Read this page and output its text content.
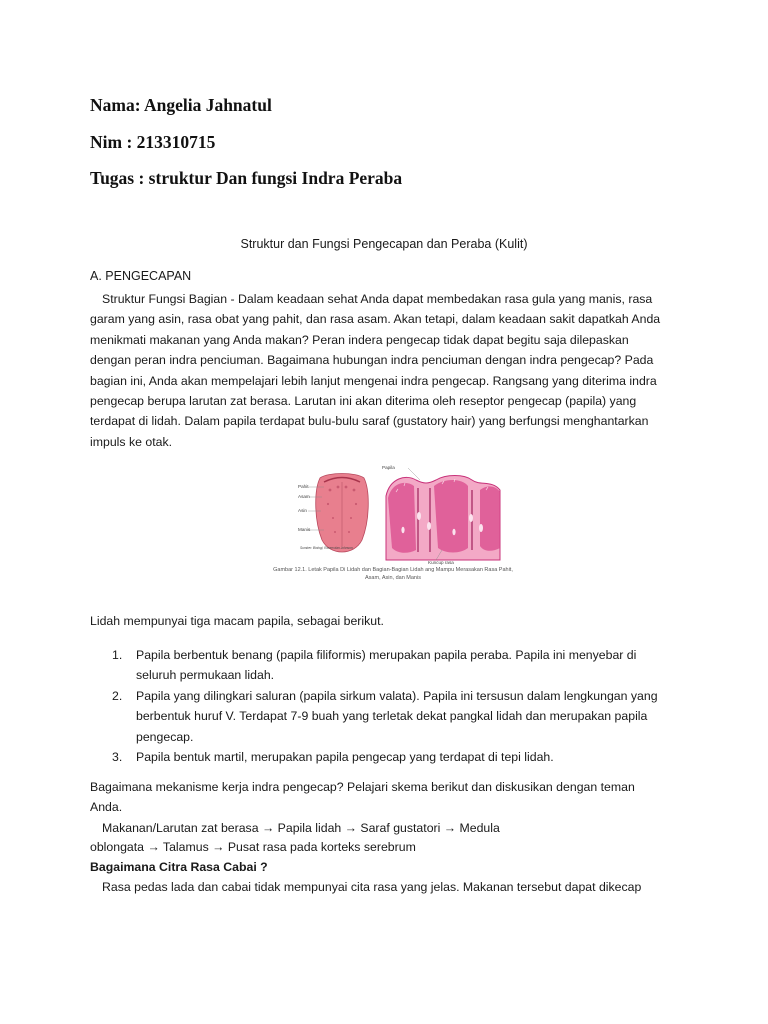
Nama: Angelia Jahnatul

Nim : 213310715

Tugas : struktur Dan fungsi Indra Peraba

Struktur dan Fungsi Pengecapan dan Peraba (Kulit)

A. PENGECAPAN

Struktur Fungsi Bagian - Dalam keadaan sehat Anda dapat membedakan rasa gula yang manis, rasa
garam yang asin, rasa obat yang pahit, dan rasa asam. Akan tetapi, dalam keadaan sakit dapatkah Anda
menikmati makanan yang Anda makan? Peran indera pengecap tidak dapat begitu saja dilepaskan
dengan peran indra penciuman. Bagaimana hubungan indra penciuman dengan indra pengecap? Pada
bagian ini, Anda akan mempelajari lebih lanjut mengenai indra pengecap. Rangsang yang diterima indra
pengecap berupa larutan zat berasa. Larutan ini akan diterima oleh reseptor pengecap (papila) yang
terdapat di lidah. Dalam papila terdapat bulu-bulu saraf (gustatory hair) yang berfungsi menghantarkan
impuls ke otak.

Pahit
Asam
Asin
Manis
Sumber: Biologi, Raven dan Johnson
Papila
Kuncup rasa
Gambar 12.1. Letak Papila Di Lidah dan Bagian-Bagian Lidah ang Mampu Merasakan Rasa Pahit,
Asam, Asin, dan Manis

Lidah mempunyai tiga macam papila, sebagai berikut.

1. Papila berbentuk benang (papila filiformis) merupakan papila peraba. Papila ini menyebar di
seluruh permukaan lidah.
2. Papila yang dilingkari saluran (papila sirkum valata). Papila ini tersusun dalam lengkungan yang
berbentuk huruf V. Terdapat 7-9 buah yang terletak dekat pangkal lidah dan merupakan papila
pengecap.
3. Papila bentuk martil, merupakan papila pengecap yang terdapat di tepi lidah.

Bagaimana mekanisme kerja indra pengecap? Pelajari skema berikut dan diskusikan dengan teman
Anda.

Makanan/Larutan zat berasa → Papila lidah → Saraf gustatori → Medula

oblongata → Talamus → Pusat rasa pada korteks serebrum

Bagaimana Citra Rasa Cabai ?

Rasa pedas lada dan cabai tidak mempunyai cita rasa yang jelas. Makanan tersebut dapat dikecap
